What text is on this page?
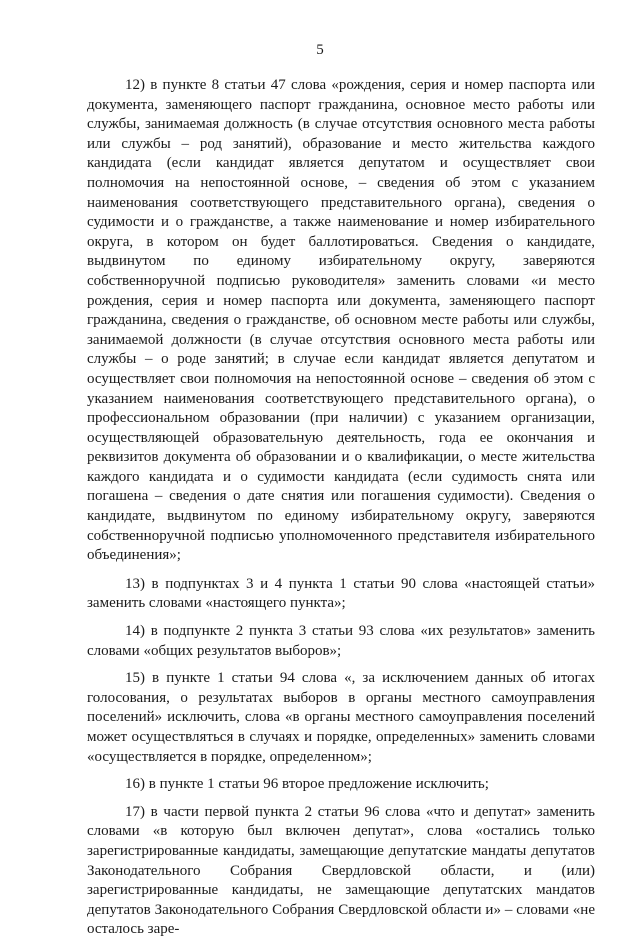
5

12) в пункте 8 статьи 47 слова «рождения, серия и номер паспорта или документа, заменяющего паспорт гражданина, основное место работы или службы, занимаемая должность (в случае отсутствия основного места работы или службы – род занятий), образование и место жительства каждого кандидата (если кандидат является депутатом и осуществляет свои полномочия на непостоянной основе, – сведения об этом с указанием наименования соответствующего представительного органа), сведения о судимости и о гражданстве, а также наименование и номер избирательного округа, в котором он будет баллотироваться. Сведения о кандидате, выдвинутом по единому избирательному округу, заверяются собственноручной подписью руководителя» заменить словами «и место рождения, серия и номер паспорта или документа, заменяющего паспорт гражданина, сведения о гражданстве, об основном месте работы или службы, занимаемой должности (в случае отсутствия основного места работы или службы – о роде занятий; в случае если кандидат является депутатом и осуществляет свои полномочия на непостоянной основе – сведения об этом с указанием наименования соответствующего представительного органа), о профессиональном образовании (при наличии) с указанием организации, осуществляющей образовательную деятельность, года ее окончания и реквизитов документа об образовании и о квалификации, о месте жительства каждого кандидата и о судимости кандидата (если судимость снята или погашена – сведения о дате снятия или погашения судимости). Сведения о кандидате, выдвинутом по единому избирательному округу, заверяются собственноручной подписью уполномоченного представителя избирательного объединения»;

13) в подпунктах 3 и 4 пункта 1 статьи 90 слова «настоящей статьи» заменить словами «настоящего пункта»;

14) в подпункте 2 пункта 3 статьи 93 слова «их результатов» заменить словами «общих результатов выборов»;

15) в пункте 1 статьи 94 слова «, за исключением данных об итогах голосования, о результатах выборов в органы местного самоуправления поселений» исключить, слова «в органы местного самоуправления поселений может осуществляться в случаях и порядке, определенных» заменить словами «осуществляется в порядке, определенном»;

16) в пункте 1 статьи 96 второе предложение исключить;

17) в части первой пункта 2 статьи 96 слова «что и депутат» заменить словами «в которую был включен депутат», слова «остались только зарегистрированные кандидаты, замещающие депутатские мандаты депутатов Законодательного Собрания Свердловской области, и (или) зарегистрированные кандидаты, не замещающие депутатских мандатов депутатов Законодательного Собрания Свердловской области и» – словами «не осталось заре-
